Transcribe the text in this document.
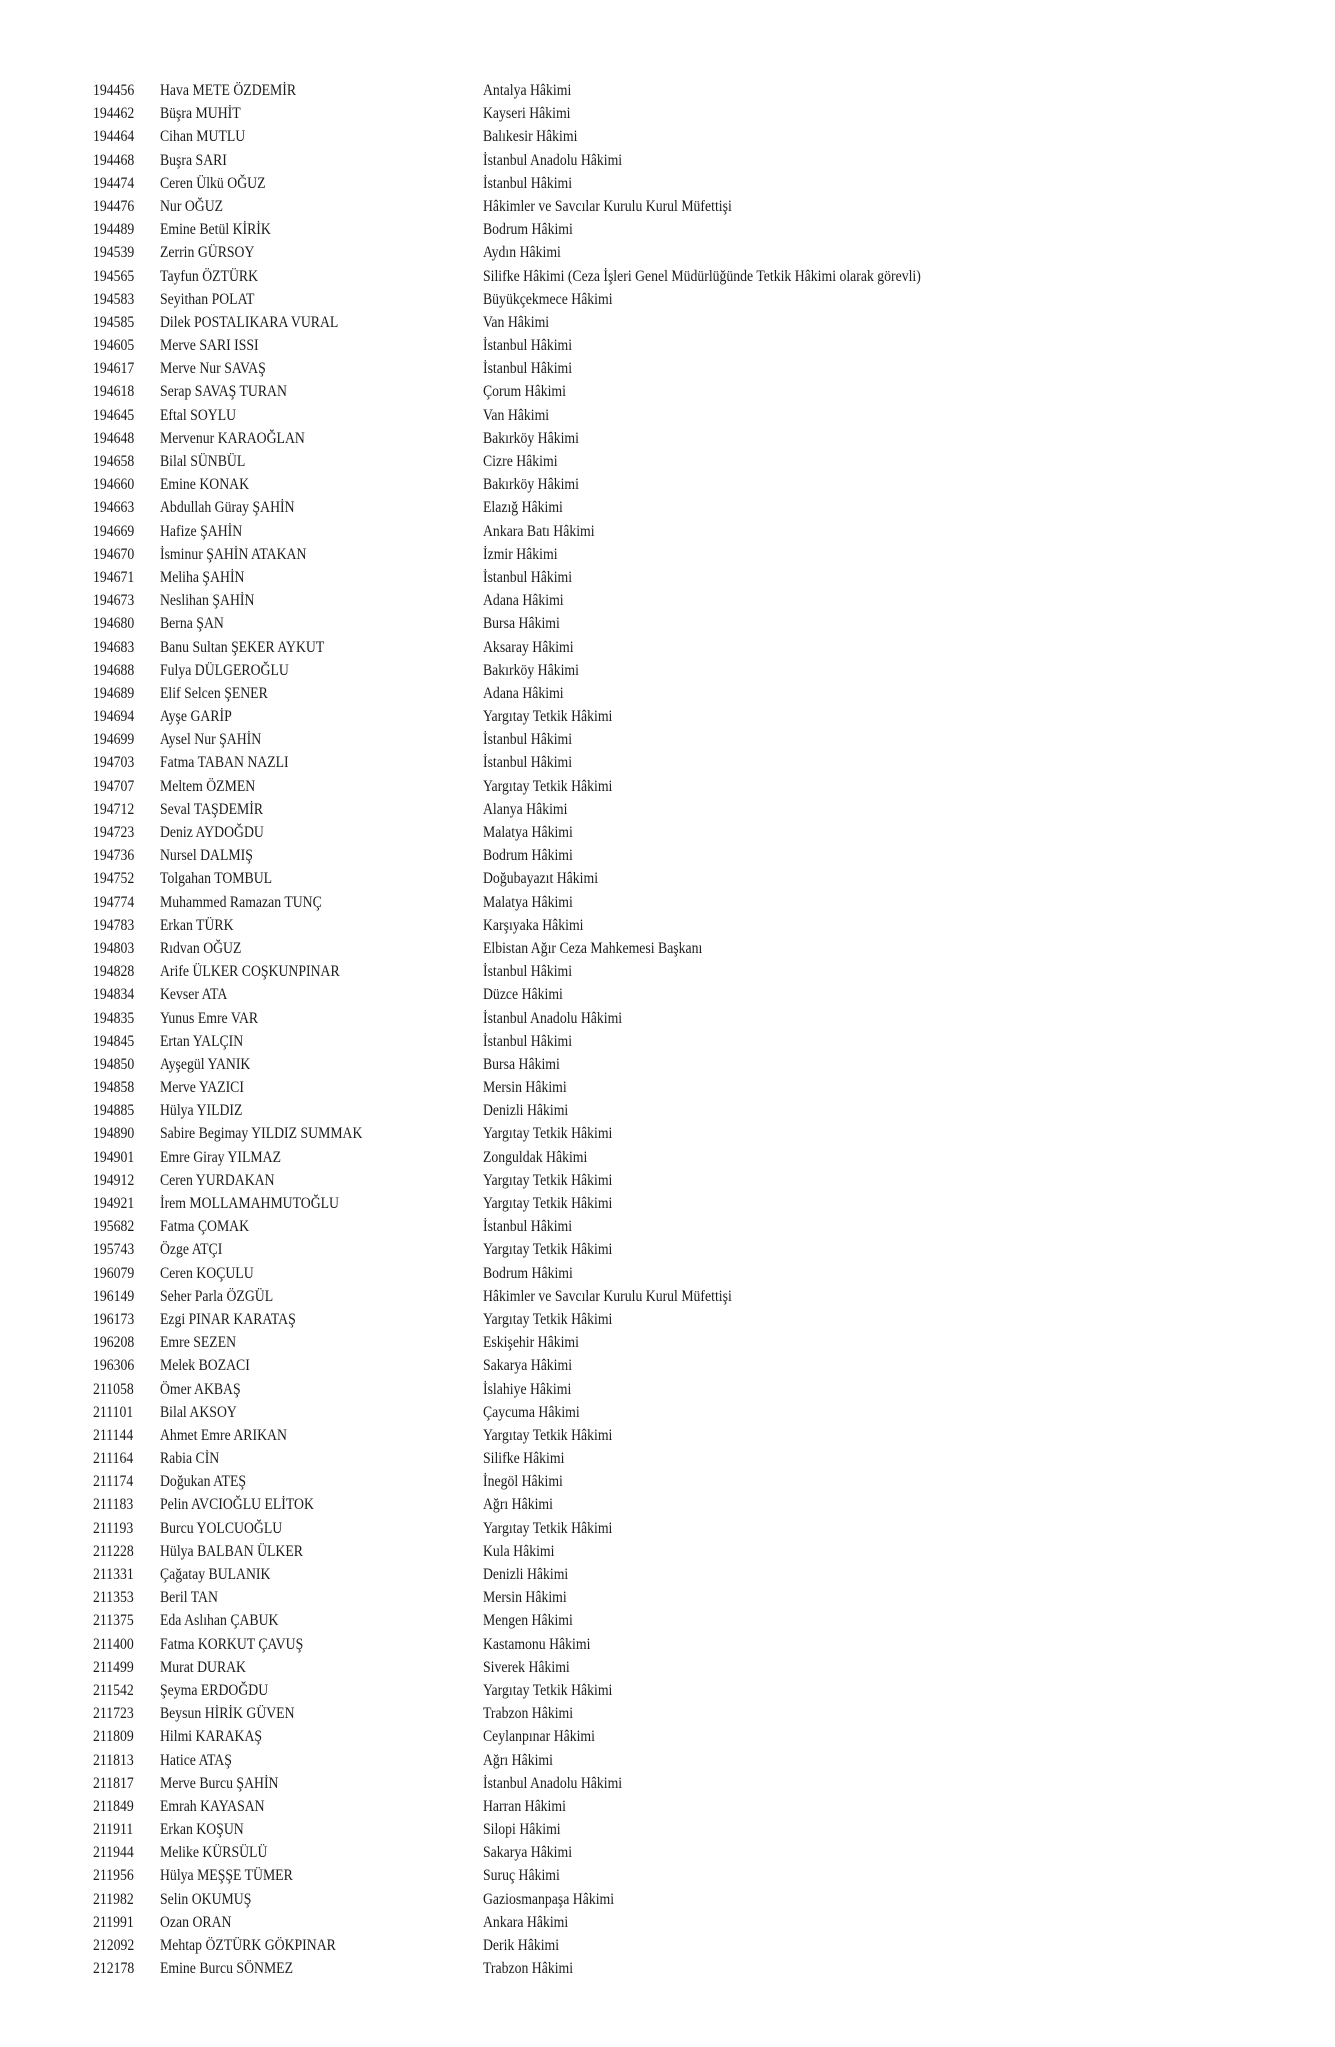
194456 Hava METE ÖZDEMİR	Antalya Hâkimi
194462 Büşra MUHİT	Kayseri Hâkimi
194464 Cihan MUTLU	Balıkesir Hâkimi
194468 Buşra SARI	İstanbul Anadolu Hâkimi
194474 Ceren Ülkü OĞUZ	İstanbul Hâkimi
194476 Nur OĞUZ	Hâkimler ve Savcılar Kurulu Kurul Müfettişi
194489 Emine Betül KİRİK	Bodrum Hâkimi
194539 Zerrin GÜRSOY	Aydın Hâkimi
194565 Tayfun ÖZTÜRK	Silifke Hâkimi (Ceza İşleri Genel Müdürlüğünde Tetkik Hâkimi olarak görevli)
194583 Seyithan POLAT	Büyükçekmece Hâkimi
194585 Dilek POSTALIKARA VURAL	Van Hâkimi
194605 Merve SARI ISSI	İstanbul Hâkimi
194617 Merve Nur SAVAŞ	İstanbul Hâkimi
194618 Serap SAVAŞ TURAN	Çorum Hâkimi
194645 Eftal SOYLU	Van Hâkimi
194648 Mervenur KARAOĞLAN	Bakırköy Hâkimi
194658 Bilal SÜNBÜL	Cizre Hâkimi
194660 Emine KONAK	Bakırköy Hâkimi
194663 Abdullah Güray ŞAHİN	Elazığ Hâkimi
194669 Hafize ŞAHİN	Ankara Batı Hâkimi
194670 İsminur ŞAHİN ATAKAN	İzmir Hâkimi
194671 Meliha ŞAHİN	İstanbul Hâkimi
194673 Neslihan ŞAHİN	Adana Hâkimi
194680 Berna ŞAN	Bursa Hâkimi
194683 Banu Sultan ŞEKER AYKUT	Aksaray Hâkimi
194688 Fulya DÜLGEROĞLU	Bakırköy Hâkimi
194689 Elif Selcen ŞENER	Adana Hâkimi
194694 Ayşe GARİP	Yargıtay Tetkik Hâkimi
194699 Aysel Nur ŞAHİN	İstanbul Hâkimi
194703 Fatma TABAN NAZLI	İstanbul Hâkimi
194707 Meltem ÖZMEN	Yargıtay Tetkik Hâkimi
194712 Seval TAŞDEMİR	Alanya Hâkimi
194723 Deniz AYDOĞDU	Malatya Hâkimi
194736 Nursel DALMIŞ	Bodrum Hâkimi
194752 Tolgahan TOMBUL	Doğubayazıt Hâkimi
194774 Muhammed Ramazan TUNÇ	Malatya Hâkimi
194783 Erkan TÜRK	Karşıyaka Hâkimi
194803 Rıdvan OĞUZ	Elbistan Ağır Ceza Mahkemesi Başkanı
194828 Arife ÜLKER COŞKUNPINAR	İstanbul Hâkimi
194834 Kevser ATA	Düzce Hâkimi
194835 Yunus Emre VAR	İstanbul Anadolu Hâkimi
194845 Ertan YALÇIN	İstanbul Hâkimi
194850 Ayşegül YANIK	Bursa Hâkimi
194858 Merve YAZICI	Mersin Hâkimi
194885 Hülya YILDIZ	Denizli Hâkimi
194890 Sabire Begimay YILDIZ SUMMAK	Yargıtay Tetkik Hâkimi
194901 Emre Giray YILMAZ	Zonguldak Hâkimi
194912 Ceren YURDAKAN	Yargıtay Tetkik Hâkimi
194921 İrem MOLLAMAHMUTOĞLU	Yargıtay Tetkik Hâkimi
195682 Fatma ÇOMAK	İstanbul Hâkimi
195743 Özge ATÇI	Yargıtay Tetkik Hâkimi
196079 Ceren KOÇULU	Bodrum Hâkimi
196149 Seher Parla ÖZGÜL	Hâkimler ve Savcılar Kurulu Kurul Müfettişi
196173 Ezgi PINAR KARATAŞ	Yargıtay Tetkik Hâkimi
196208 Emre SEZEN	Eskişehir Hâkimi
196306 Melek BOZACI	Sakarya Hâkimi
211058 Ömer AKBAŞ	İslahiye Hâkimi
211101 Bilal AKSOY	Çaycuma Hâkimi
211144 Ahmet Emre ARIKAN	Yargıtay Tetkik Hâkimi
211164 Rabia CİN	Silifke Hâkimi
211174 Doğukan ATEŞ	İnegöl Hâkimi
211183 Pelin AVCIOĞLU ELİTOK	Ağrı Hâkimi
211193 Burcu YOLCUOĞLU	Yargıtay Tetkik Hâkimi
211228 Hülya BALBAN ÜLKER	Kula Hâkimi
211331 Çağatay BULANIK	Denizli Hâkimi
211353 Beril TAN	Mersin Hâkimi
211375 Eda Aslıhan ÇABUK	Mengen Hâkimi
211400 Fatma KORKUT ÇAVUŞ	Kastamonu Hâkimi
211499 Murat DURAK	Siverek Hâkimi
211542 Şeyma ERDOĞDU	Yargıtay Tetkik Hâkimi
211723 Beysun HİRİK GÜVEN	Trabzon Hâkimi
211809 Hilmi KARAKAŞ	Ceylanpınar Hâkimi
211813 Hatice ATAŞ	Ağrı Hâkimi
211817 Merve Burcu ŞAHİN	İstanbul Anadolu Hâkimi
211849 Emrah KAYASAN	Harran Hâkimi
211911 Erkan KOŞUN	Silopi Hâkimi
211944 Melike KÜRSÜLÜ	Sakarya Hâkimi
211956 Hülya MEŞŞE TÜMER	Suruç Hâkimi
211982 Selin OKUMUŞ	Gaziosmanpaşa Hâkimi
211991 Ozan ORAN	Ankara Hâkimi
212092 Mehtap ÖZTÜRK GÖKPINAR	Derik Hâkimi
212178 Emine Burcu SÖNMEZ	Trabzon Hâkimi
